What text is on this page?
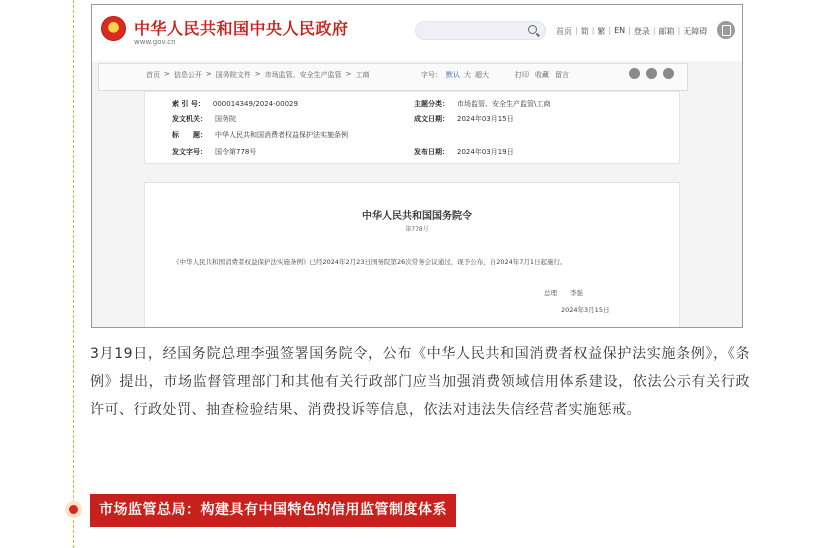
★
中华人民共和国中央人民政府
www.gov.cn
首页 | 简 | 繁 | EN | 登录 | 邮箱 | 无障碍
首页 > 信息公开 > 国务院文件 > 市场监管、安全生产监管 > 工商	字号： 默认 大 超大	打印 收藏 留言
索 引 号： 000014349/2024-00029	主题分类： 市场监管、安全生产监管\工商
发文机关： 国务院	成文日期： 2024年03月15日
标　　题： 中华人民共和国消费者权益保护法实施条例
发文字号： 国令第778号	发布日期： 2024年03月19日
中华人民共和国国务院令
第778号
《中华人民共和国消费者权益保护法实施条例》已经2024年2月23日国务院第26次常务会议通过，现予公布，自2024年7月1日起施行。
总理　　李强
2024年3月15日

3月19日，经国务院总理李强签署国务院令，公布《中华人民共和国消费者权益保护法实施条例》，《条例》提出，市场监督管理部门和其他有关行政部门应当加强消费领域信用体系建设，依法公示有关行政许可、行政处罚、抽查检验结果、消费投诉等信息，依法对违法失信经营者实施惩戒。

市场监管总局：构建具有中国特色的信用监管制度体系
